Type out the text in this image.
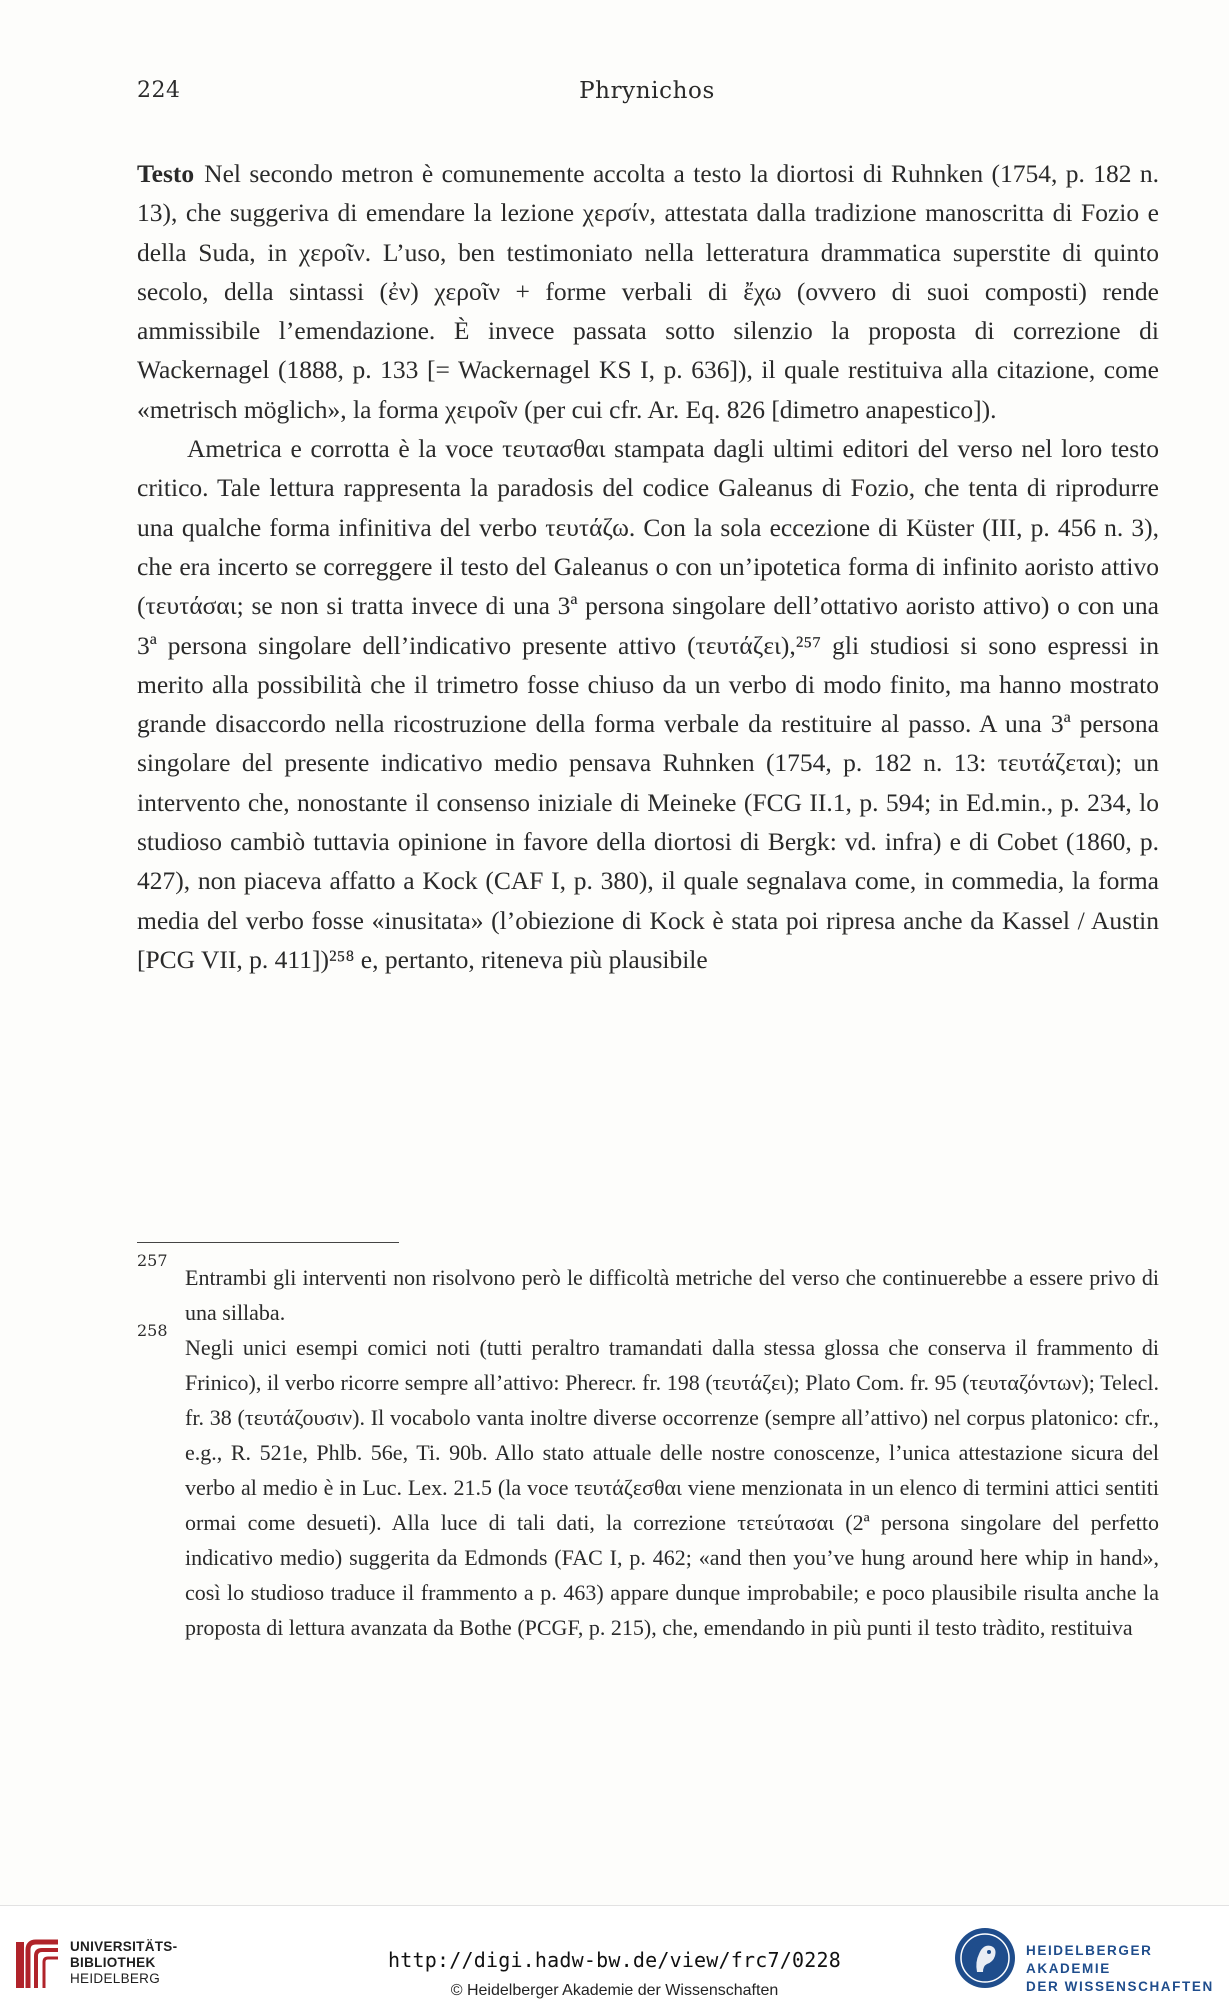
224	Phrynichos

Testo Nel secondo metron è comunemente accolta a testo la diortosi di Ruhnken (1754, p. 182 n. 13), che suggeriva di emendare la lezione χερσίν, attestata dalla tradizione manoscritta di Fozio e della Suda, in χεροῖν. L’uso, ben testimoniato nella letteratura drammatica superstite di quinto secolo, della sintassi (ἐν) χεροῖν + forme verbali di ἔχω (ovvero di suoi composti) rende ammissibile l’emendazione. È invece passata sotto silenzio la proposta di correzione di Wackernagel (1888, p. 133 [= Wackernagel KS I, p. 636]), il quale restituiva alla citazione, come «metrisch möglich», la forma χειροῖν (per cui cfr. Ar. Eq. 826 [dimetro anapestico]).

Ametrica e corrotta è la voce τευτασθαι stampata dagli ultimi editori del verso nel loro testo critico. Tale lettura rappresenta la paradosis del codice Galeanus di Fozio, che tenta di riprodurre una qualche forma infinitiva del verbo τευτάζω. Con la sola eccezione di Küster (III, p. 456 n. 3), che era incerto se correggere il testo del Galeanus o con un’ipotetica forma di infinito aoristo attivo (τευτάσαι; se non si tratta invece di una 3ª persona singolare dell’ottativo aoristo attivo) o con una 3ª persona singolare dell’indicativo presente attivo (τευτάζει),²⁵⁷ gli studiosi si sono espressi in merito alla possibilità che il trimetro fosse chiuso da un verbo di modo finito, ma hanno mostrato grande disaccordo nella ricostruzione della forma verbale da restituire al passo. A una 3ª persona singolare del presente indicativo medio pensava Ruhnken (1754, p. 182 n. 13: τευτάζεται); un intervento che, nonostante il consenso iniziale di Meineke (FCG II.1, p. 594; in Ed.min., p. 234, lo studioso cambiò tuttavia opinione in favore della diortosi di Bergk: vd. infra) e di Cobet (1860, p. 427), non piaceva affatto a Kock (CAF I, p. 380), il quale segnalava come, in commedia, la forma media del verbo fosse «inusitata» (l’obiezione di Kock è stata poi ripresa anche da Kassel / Austin [PCG VII, p. 411])²⁵⁸ e, pertanto, riteneva più plausibile

257

Entrambi gli interventi non risolvono però le difficoltà metriche del verso che continuerebbe a essere privo di una sillaba.

258

Negli unici esempi comici noti (tutti peraltro tramandati dalla stessa glossa che conserva il frammento di Frinico), il verbo ricorre sempre all’attivo: Pherecr. fr. 198 (τευτάζει); Plato Com. fr. 95 (τευταζόντων); Telecl. fr. 38 (τευτάζουσιν). Il vocabolo vanta inoltre diverse occorrenze (sempre all’attivo) nel corpus platonico: cfr., e.g., R. 521e, Phlb. 56e, Ti. 90b. Allo stato attuale delle nostre conoscenze, l’unica attestazione sicura del verbo al medio è in Luc. Lex. 21.5 (la voce τευτάζεσθαι viene menzionata in un elenco di termini attici sentiti ormai come desueti). Alla luce di tali dati, la correzione τετεύτασαι (2ª persona singolare del perfetto indicativo medio) suggerita da Edmonds (FAC I, p. 462; «and then you’ve hung around here whip in hand», così lo studioso traduce il frammento a p. 463) appare dunque improbabile; e poco plausibile risulta anche la proposta di lettura avanzata da Bothe (PCGF, p. 215), che, emendando in più punti il testo tràdito, restituiva

UNIVERSITÄTS-
BIBLIOTHEK
HEIDELBERG
http://digi.hadw-bw.de/view/frc7/0228
© Heidelberger Akademie der Wissenschaften
HEIDELBERGER AKADEMIE
DER WISSENSCHAFTEN
